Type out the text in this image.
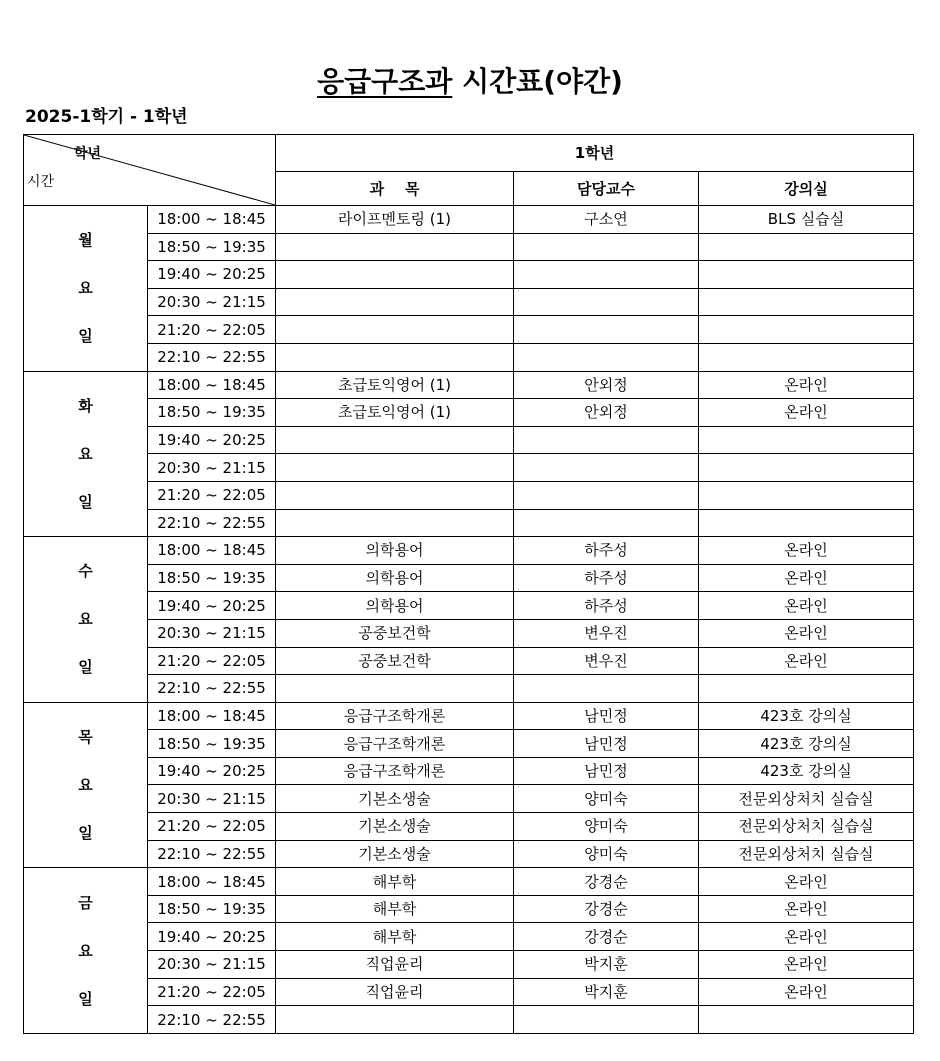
응급구조과 시간표(야간)
2025-1학기 - 1학년
학년
시간		1학년		
		과    목	담당교수	강의실

월
요
일	18:00 ~ 18:45	라이프멘토링 (1)	구소연	BLS 실습실
	18:50 ~ 19:35			
	19:40 ~ 20:25			
	20:30 ~ 21:15			
	21:20 ~ 22:05			
	22:10 ~ 22:55			

화
요
일	18:00 ~ 18:45	초급토익영어 (1)	안외정	온라인
	18:50 ~ 19:35	초급토익영어 (1)	안외정	온라인
	19:40 ~ 20:25			
	20:30 ~ 21:15			
	21:20 ~ 22:05			
	22:10 ~ 22:55			

수
요
일	18:00 ~ 18:45	의학용어	하주성	온라인
	18:50 ~ 19:35	의학용어	하주성	온라인
	19:40 ~ 20:25	의학용어	하주성	온라인
	20:30 ~ 21:15	공중보건학	변우진	온라인
	21:20 ~ 22:05	공중보건학	변우진	온라인
	22:10 ~ 22:55			

목
요
일	18:00 ~ 18:45	응급구조학개론	남민정	423호 강의실
	18:50 ~ 19:35	응급구조학개론	남민정	423호 강의실
	19:40 ~ 20:25	응급구조학개론	남민정	423호 강의실
	20:30 ~ 21:15	기본소생술	양미숙	전문외상처치 실습실
	21:20 ~ 22:05	기본소생술	양미숙	전문외상처치 실습실
	22:10 ~ 22:55	기본소생술	양미숙	전문외상처치 실습실

금
요
일	18:00 ~ 18:45	해부학	강경순	온라인
	18:50 ~ 19:35	해부학	강경순	온라인
	19:40 ~ 20:25	해부학	강경순	온라인
	20:30 ~ 21:15	직업윤리	박지훈	온라인
	21:20 ~ 22:05	직업윤리	박지훈	온라인
	22:10 ~ 22:55			
